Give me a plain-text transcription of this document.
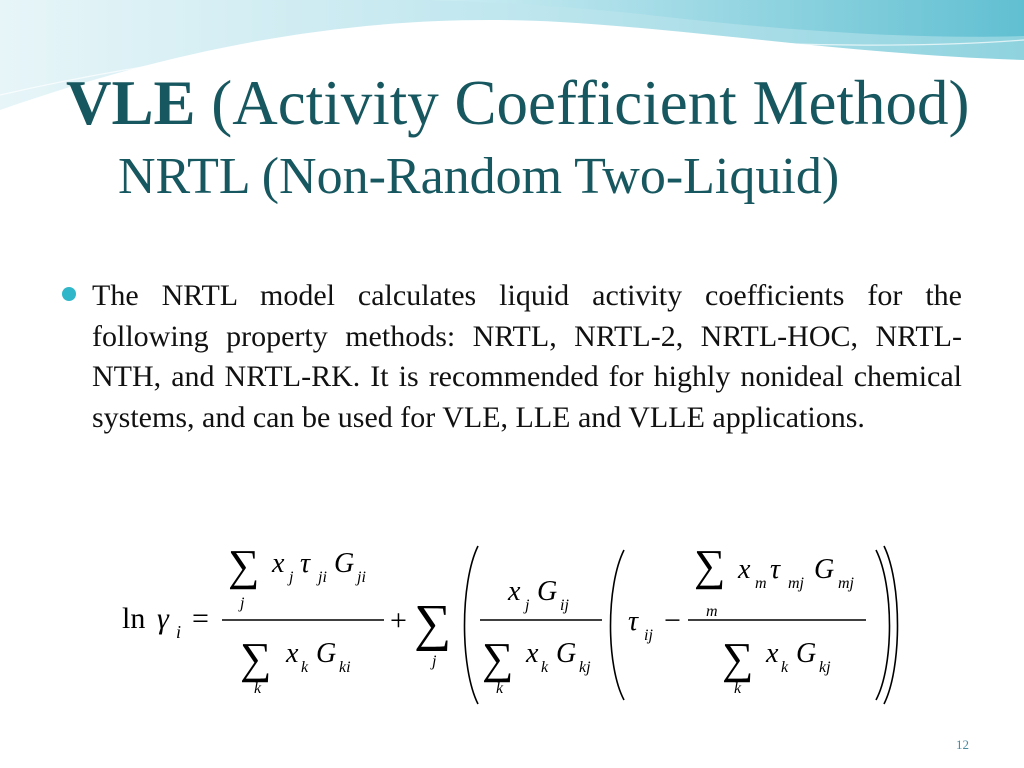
VLE (Activity Coefficient Method)
NRTL (Non-Random Two-Liquid)

The NRTL model calculates liquid activity coefficients for the following property methods: NRTL, NRTL-2, NRTL-HOC, NRTL-NTH, and NRTL-RK. It is recommended for highly nonideal chemical systems, and can be used for VLE, LLE and VLLE applications.

ln γ i =
∑
j
x j τ ji G ji
∑
k
x k G ki
+ ∑
j
x j G ij
∑
k
x k G kj
τ ij −
∑
m
x m τ mj G mj
∑
k
x k G kj
12
